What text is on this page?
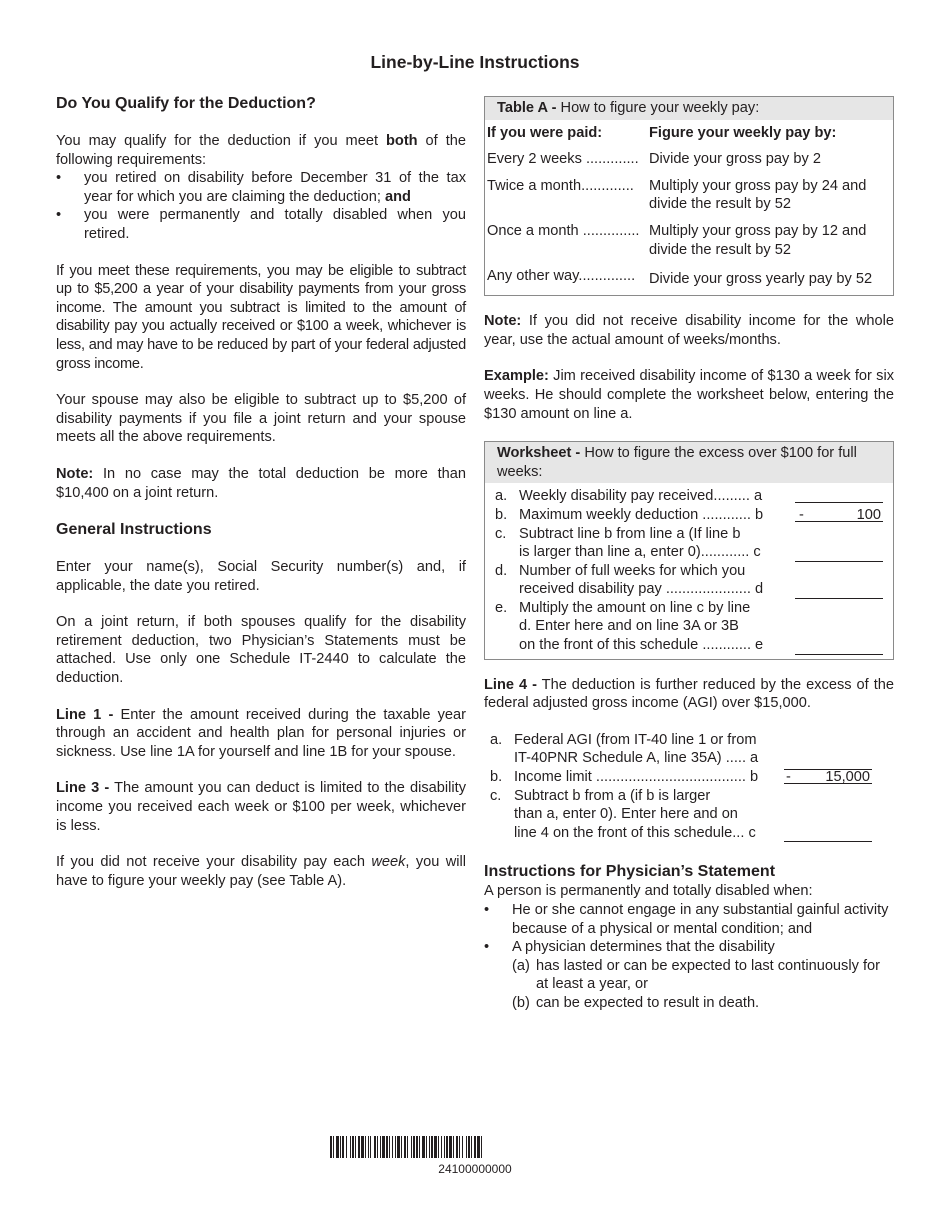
Line-by-Line Instructions
Do You Qualify for the Deduction?

You may qualify for the deduction if you meet both of the following requirements:

• you retired on disability before December 31 of the tax year for which you are claiming the deduction; and
• you were permanently and totally disabled when you retired.

If you meet these requirements, you may be eligible to subtract up to $5,200 a year of your disability payments from your gross income. The amount you subtract is limited to the amount of disability pay you actually received or $100 a week, whichever is less, and may have to be reduced by part of your federal adjusted gross income.

Your spouse may also be eligible to subtract up to $5,200 of disability payments if you file a joint return and your spouse meets all the above requirements.

Note: In no case may the total deduction be more than $10,400 on a joint return.

General Instructions

Enter your name(s), Social Security number(s) and, if applicable, the date you retired.

On a joint return, if both spouses qualify for the disability retirement deduction, two Physician’s Statements must be attached. Use only one Schedule IT-2440 to calculate the deduction.

Line 1 - Enter the amount received during the taxable year through an accident and health plan for personal injuries or sickness. Use line 1A for yourself and line 1B for your spouse.

Line 3 - The amount you can deduct is limited to the disability income you received each week or $100 per week, whichever is less.

If you did not receive your disability pay each week, you will have to figure your weekly pay (see Table A).

Table A - How to figure your weekly pay:
If you were paid:	Figure your weekly pay by:
Every 2 weeks .............	Divide your gross pay by 2
Twice a month.............	Multiply your gross pay by 24 and divide the result by 52
Once a month ..............	Multiply your gross pay by 12 and divide the result by 52
Any other way..............	Divide your gross yearly pay by 52

Note: If you did not receive disability income for the whole year, use the actual amount of weeks/months.

Example: Jim received disability income of $130 a week for six weeks. He should complete the worksheet below, entering the $130 amount on line a.

Worksheet - How to figure the excess over $100 for full weeks:
a. Weekly disability pay received......... a
b. Maximum weekly deduction ............ b	-	100
c. Subtract line b from line a (If line b
is larger than line a, enter 0)............ c
d. Number of full weeks for which you
received disability pay ..................... d
e. Multiply the amount on line c by line
d. Enter here and on line 3A or 3B
on the front of this schedule ............ e

Line 4 - The deduction is further reduced by the excess of the federal adjusted gross income (AGI) over $15,000.

a. Federal AGI (from IT-40 line 1 or from
IT-40PNR Schedule A, line 35A) ..... a
b. Income limit ..................................... b	- 15,000
c. Subtract b from a (if b is larger
than a, enter 0). Enter here and on
line 4 on the front of this schedule... c
Instructions for Physician’s Statement

A person is permanently and totally disabled when:

• He or she cannot engage in any substantial gainful activity because of a physical or mental condition; and
• A physician determines that the disability
(a) has lasted or can be expected to last continuously for at least a year, or
(b) can be expected to result in death.
24100000000
